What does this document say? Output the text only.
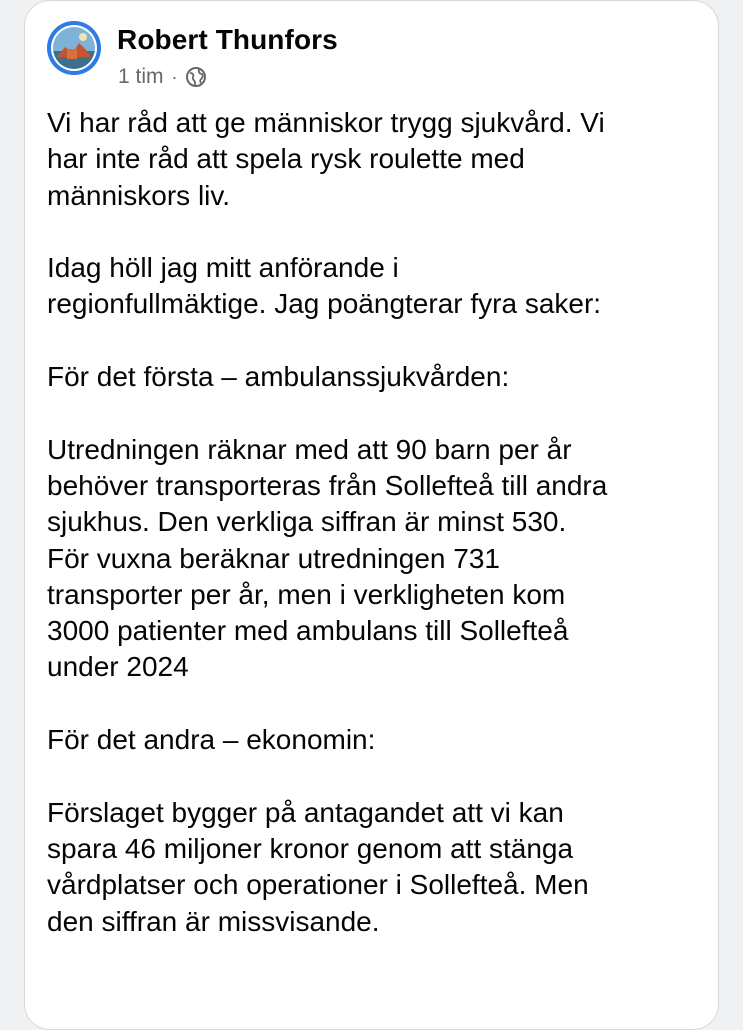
Robert Thunfors
1 tim ·

Vi har råd att ge människor trygg sjukvård. Vi
har inte råd att spela rysk roulette med
människors liv.

Idag höll jag mitt anförande i
regionfullmäktige. Jag poängterar fyra saker:

För det första – ambulanssjukvården:

Utredningen räknar med att 90 barn per år
behöver transporteras från Sollefteå till andra
sjukhus. Den verkliga siffran är minst 530.
För vuxna beräknar utredningen 731
transporter per år, men i verkligheten kom
3000 patienter med ambulans till Sollefteå
under 2024

För det andra – ekonomin:

Förslaget bygger på antagandet att vi kan
spara 46 miljoner kronor genom att stänga
vårdplatser och operationer i Sollefteå. Men
den siffran är missvisande.
